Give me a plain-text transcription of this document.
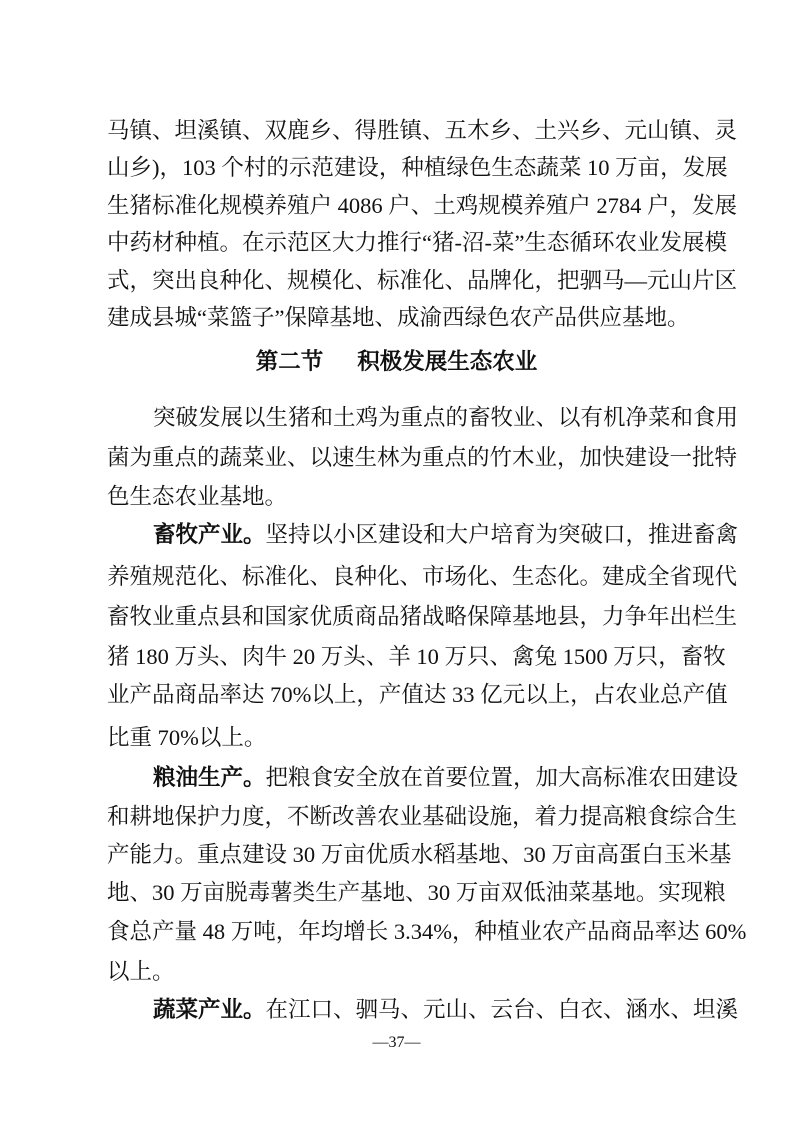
马镇、坦溪镇、双鹿乡、得胜镇、五木乡、土兴乡、元山镇、灵
山乡)，103 个村的示范建设，种植绿色生态蔬菜 10 万亩，发展
生猪标准化规模养殖户 4086 户、土鸡规模养殖户 2784 户，发展
中药材种植。在示范区大力推行“猪-沼-菜”生态循环农业发展模
式，突出良种化、规模化、标准化、品牌化，把驷马—元山片区
建成县城“菜篮子”保障基地、成渝西绿色农产品供应基地。
第二节 积极发展生态农业
突破发展以生猪和土鸡为重点的畜牧业、以有机净菜和食用
菌为重点的蔬菜业、以速生林为重点的竹木业，加快建设一批特
色生态农业基地。
畜牧产业。坚持以小区建设和大户培育为突破口，推进畜禽
养殖规范化、标准化、良种化、市场化、生态化。建成全省现代
畜牧业重点县和国家优质商品猪战略保障基地县，力争年出栏生
猪 180 万头、肉牛 20 万头、羊 10 万只、禽兔 1500 万只，畜牧
业产品商品率达 70%以上，产值达 33 亿元以上，占农业总产值
比重 70%以上。
粮油生产。把粮食安全放在首要位置，加大高标准农田建设
和耕地保护力度，不断改善农业基础设施，着力提高粮食综合生
产能力。重点建设 30 万亩优质水稻基地、30 万亩高蛋白玉米基
地、30 万亩脱毒薯类生产基地、30 万亩双低油菜基地。实现粮
食总产量 48 万吨，年均增长 3.34%，种植业农产品商品率达 60%
以上。
蔬菜产业。在江口、驷马、元山、云台、白衣、涵水、坦溪
—37—
